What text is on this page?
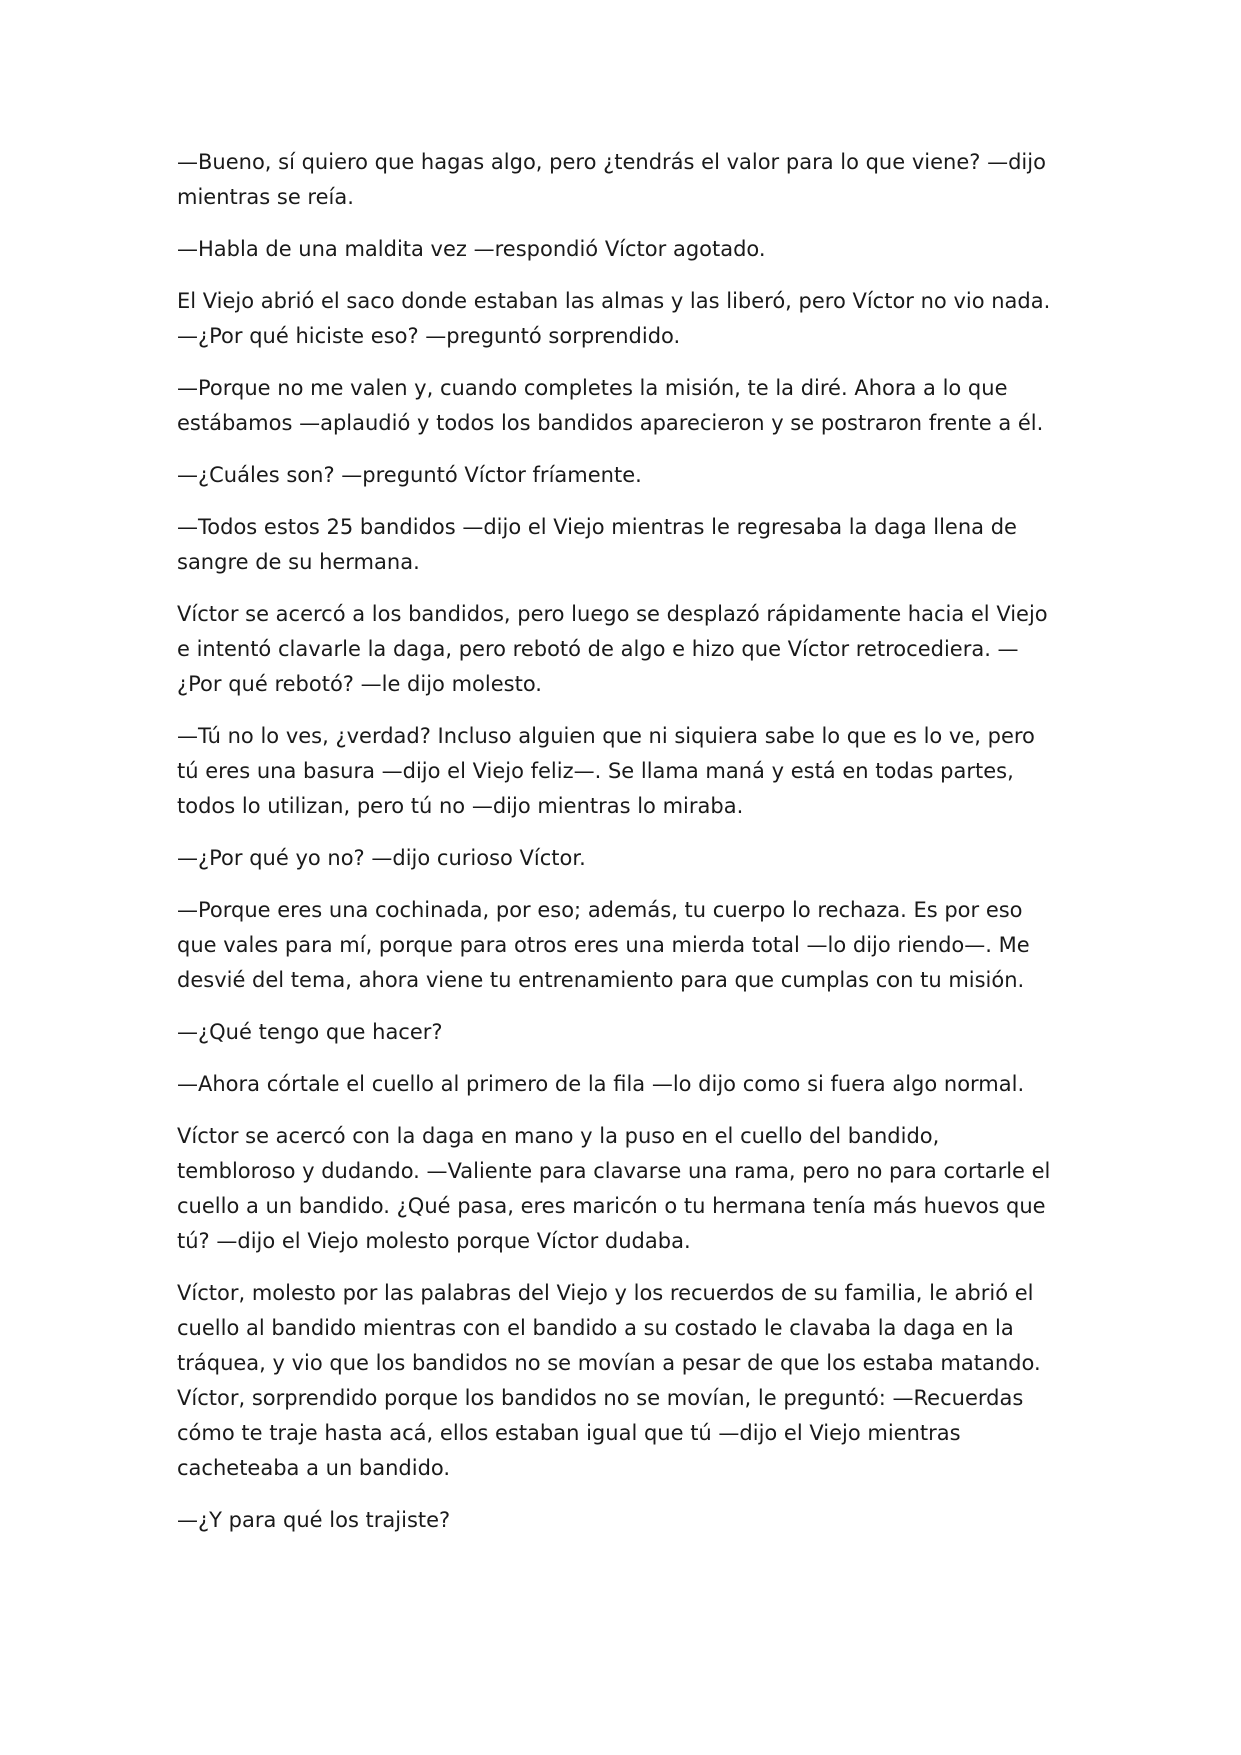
—Bueno, sí quiero que hagas algo, pero ¿tendrás el valor para lo que viene? —dijo
mientras se reía.

—Habla de una maldita vez —respondió Víctor agotado.

El Viejo abrió el saco donde estaban las almas y las liberó, pero Víctor no vio nada.
—¿Por qué hiciste eso? —preguntó sorprendido.

—Porque no me valen y, cuando completes la misión, te la diré. Ahora a lo que
estábamos —aplaudió y todos los bandidos aparecieron y se postraron frente a él.

—¿Cuáles son? —preguntó Víctor fríamente.

—Todos estos 25 bandidos —dijo el Viejo mientras le regresaba la daga llena de
sangre de su hermana.

Víctor se acercó a los bandidos, pero luego se desplazó rápidamente hacia el Viejo
e intentó clavarle la daga, pero rebotó de algo e hizo que Víctor retrocediera. —
¿Por qué rebotó? —le dijo molesto.

—Tú no lo ves, ¿verdad? Incluso alguien que ni siquiera sabe lo que es lo ve, pero
tú eres una basura —dijo el Viejo feliz—. Se llama maná y está en todas partes,
todos lo utilizan, pero tú no —dijo mientras lo miraba.

—¿Por qué yo no? —dijo curioso Víctor.

—Porque eres una cochinada, por eso; además, tu cuerpo lo rechaza. Es por eso
que vales para mí, porque para otros eres una mierda total —lo dijo riendo—. Me
desvié del tema, ahora viene tu entrenamiento para que cumplas con tu misión.

—¿Qué tengo que hacer?

—Ahora córtale el cuello al primero de la fila —lo dijo como si fuera algo normal.

Víctor se acercó con la daga en mano y la puso en el cuello del bandido,
tembloroso y dudando. —Valiente para clavarse una rama, pero no para cortarle el
cuello a un bandido. ¿Qué pasa, eres maricón o tu hermana tenía más huevos que
tú? —dijo el Viejo molesto porque Víctor dudaba.

Víctor, molesto por las palabras del Viejo y los recuerdos de su familia, le abrió el
cuello al bandido mientras con el bandido a su costado le clavaba la daga en la
tráquea, y vio que los bandidos no se movían a pesar de que los estaba matando.
Víctor, sorprendido porque los bandidos no se movían, le preguntó: —Recuerdas
cómo te traje hasta acá, ellos estaban igual que tú —dijo el Viejo mientras
cacheteaba a un bandido.

—¿Y para qué los trajiste?
